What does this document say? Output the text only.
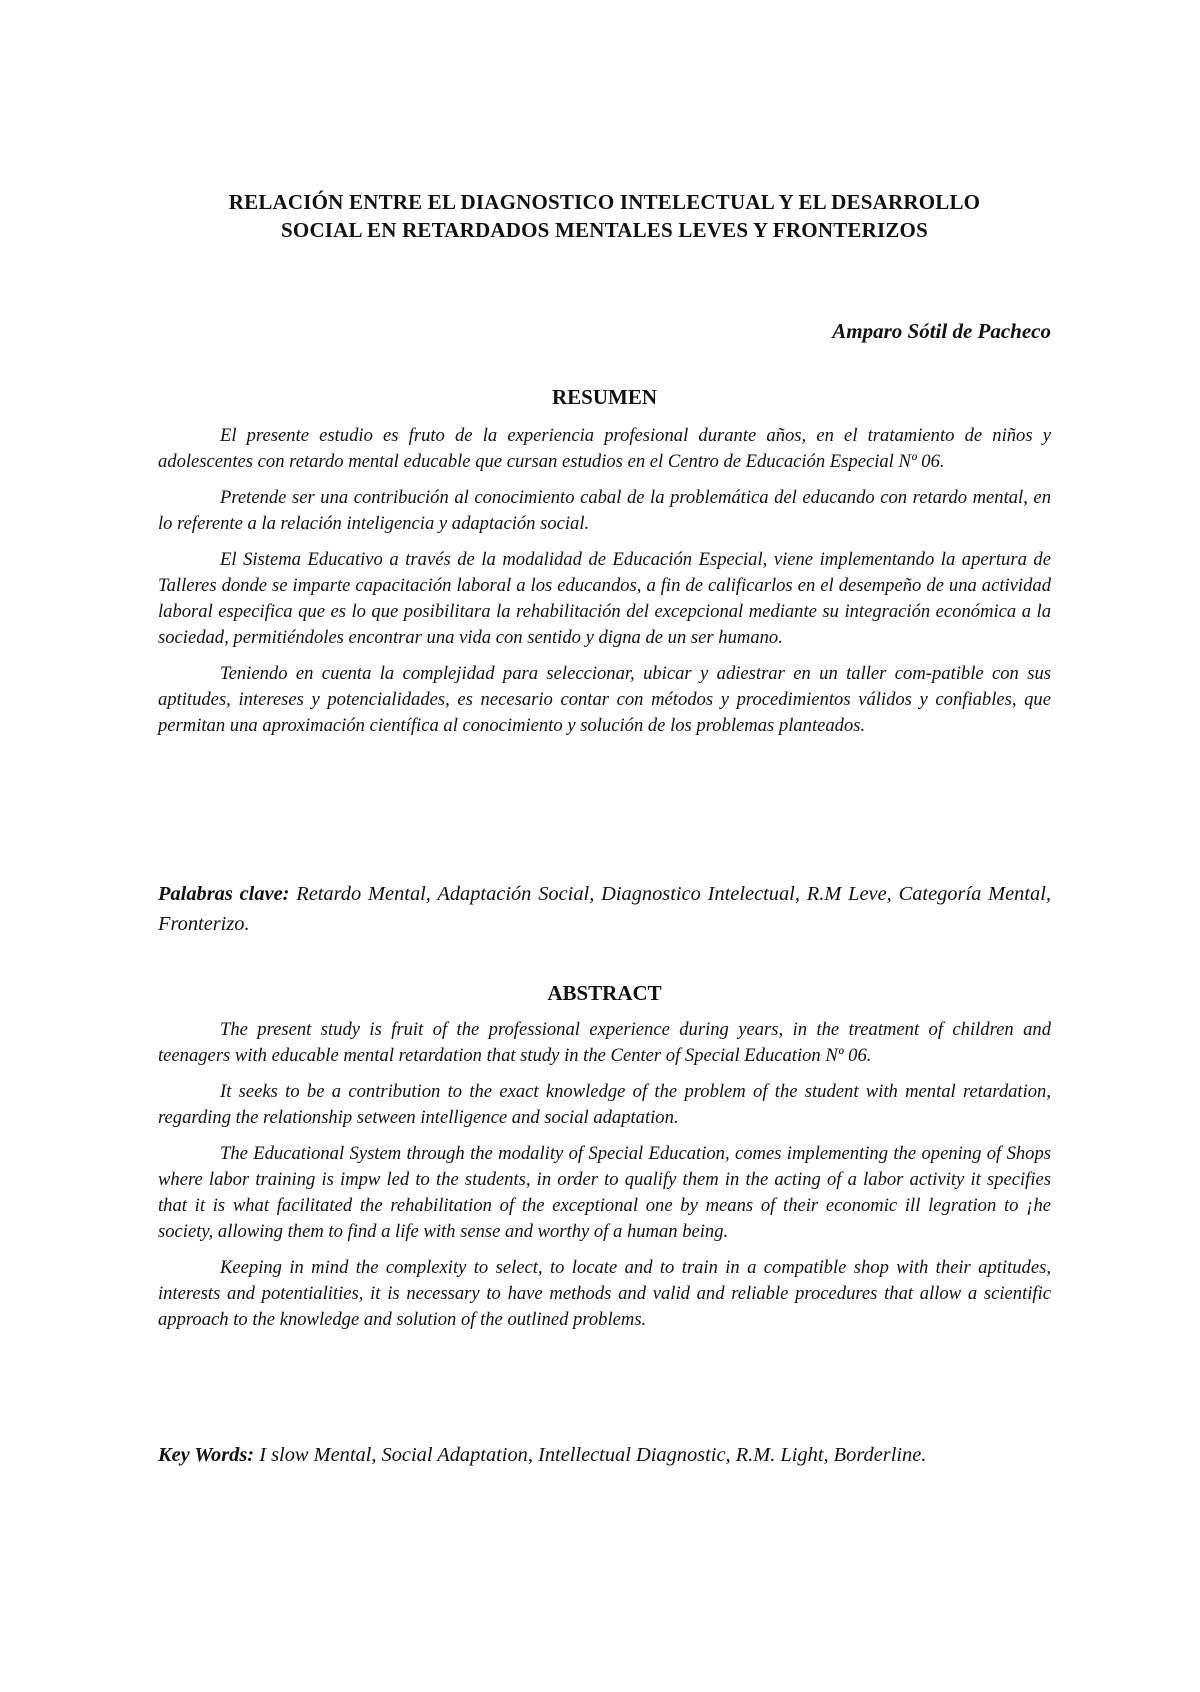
RELACIÓN ENTRE EL DIAGNOSTICO INTELECTUAL Y EL DESARROLLO
SOCIAL EN RETARDADOS MENTALES LEVES Y FRONTERIZOS
Amparo Sótil de Pacheco
RESUMEN

El presente estudio es fruto de la experiencia profesional durante años, en el tratamiento de niños y adolescentes con retardo mental educable que cursan estudios en el Centro de Educación Especial Nº 06.

Pretende ser una contribución al conocimiento cabal de la problemática del educando con retardo mental, en lo referente a la relación inteligencia y adaptación social.

El Sistema Educativo a través de la modalidad de Educación Especial, viene implementando la apertura de Talleres donde se imparte capacitación laboral a los educandos, a fin de calificarlos en el desempeño de una actividad laboral especifica que es lo que posibilitara la rehabilitación del excepcional mediante su integración económica a la sociedad, permitiéndoles encontrar una vida con sentido y digna de un ser humano.

Teniendo en cuenta la complejidad para seleccionar, ubicar y adiestrar en un taller com-patible con sus aptitudes, intereses y potencialidades, es necesario contar con métodos y procedimientos válidos y confiables, que permitan una aproximación científica al conocimiento y solución de los problemas planteados.

Palabras clave: Retardo Mental, Adaptación Social, Diagnostico Intelectual, R.M Leve, Categoría Mental, Fronterizo.
ABSTRACT

The present study is fruit of the professional experience during years, in the treatment of children and teenagers with educable mental retardation that study in the Center of Special Education Nº 06.

It seeks to be a contribution to the exact knowledge of the problem of the student with mental retardation, regarding the relationship setween intelligence and social adaptation.

The Educational System through the modality of Special Education, comes implementing the opening of Shops where labor training is impw led to the students, in order to qualify them in the acting of a labor activity it specifies that it is what facilitated the rehabilitation of the exceptional one by means of their economic ill legration to ¡he society, allowing them to find a life with sense and worthy of a human being.

Keeping in mind the complexity to select, to locate and to train in a compatible shop with their aptitudes, interests and potentialities, it is necessary to have methods and valid and reliable procedures that allow a scientific approach to the knowledge and solution of the outlined problems.

Key Words: I slow Mental, Social Adaptation, Intellectual Diagnostic, R.M. Light, Borderline.
